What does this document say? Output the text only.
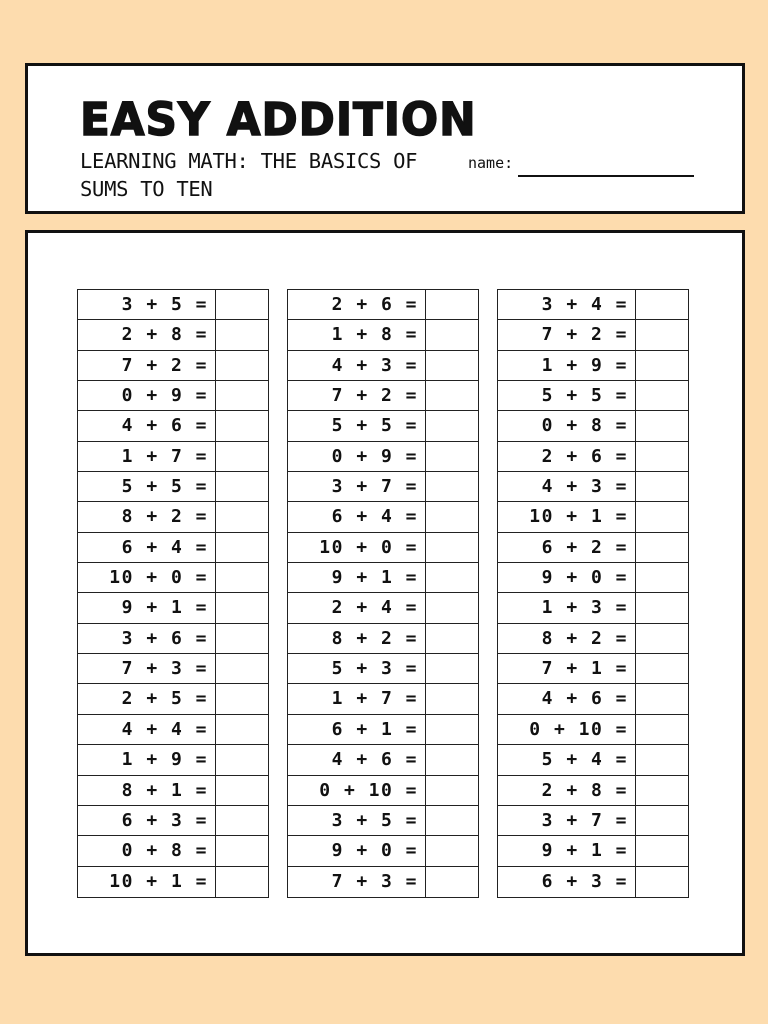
EASY ADDITION

LEARNING MATH: THE BASICS OF SUMS TO TEN

name:
3 + 5 =
2 + 8 =
7 + 2 =
0 + 9 =
4 + 6 =
1 + 7 =
5 + 5 =
8 + 2 =
6 + 4 =
10 + 0 =
9 + 1 =
3 + 6 =
7 + 3 =
2 + 5 =
4 + 4 =
1 + 9 =
8 + 1 =
6 + 3 =
0 + 8 =
10 + 1 =
2 + 6 =
1 + 8 =
4 + 3 =
7 + 2 =
5 + 5 =
0 + 9 =
3 + 7 =
6 + 4 =
10 + 0 =
9 + 1 =
2 + 4 =
8 + 2 =
5 + 3 =
1 + 7 =
6 + 1 =
4 + 6 =
0 + 10 =
3 + 5 =
9 + 0 =
7 + 3 =
3 + 4 =
7 + 2 =
1 + 9 =
5 + 5 =
0 + 8 =
2 + 6 =
4 + 3 =
10 + 1 =
6 + 2 =
9 + 0 =
1 + 3 =
8 + 2 =
7 + 1 =
4 + 6 =
0 + 10 =
5 + 4 =
2 + 8 =
3 + 7 =
9 + 1 =
6 + 3 =
